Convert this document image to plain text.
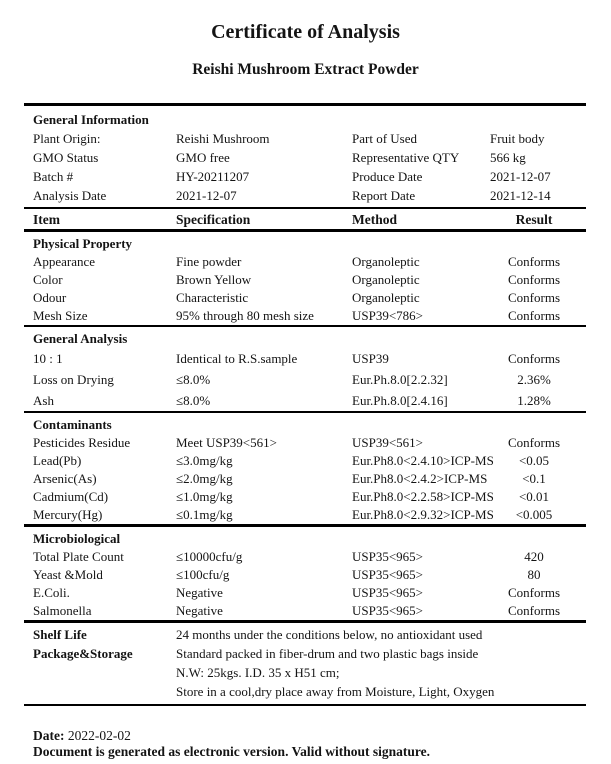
Certificate of Analysis
Reishi Mushroom Extract Powder
General Information
Plant Origin:	Reishi Mushroom	Part of Used	Fruit body
GMO Status	GMO free	Representative QTY	566 kg
Batch #	HY-20211207	Produce Date	2021-12-07
Analysis Date	2021-12-07	Report Date	2021-12-14
Item	Specification	Method	Result
Physical Property
Appearance	Fine powder	Organoleptic	Conforms
Color	Brown Yellow	Organoleptic	Conforms
Odour	Characteristic	Organoleptic	Conforms
Mesh Size	95% through 80 mesh size	USP39<786>	Conforms
General Analysis
10 : 1	Identical to R.S.sample	USP39	Conforms
Loss on Drying	≤8.0%	Eur.Ph.8.0[2.2.32]	2.36%
Ash	≤8.0%	Eur.Ph.8.0[2.4.16]	1.28%
Contaminants
Pesticides Residue	Meet USP39<561>	USP39<561>	Conforms
Lead(Pb)	≤3.0mg/kg	Eur.Ph8.0<2.4.10>ICP-MS	<0.05
Arsenic(As)	≤2.0mg/kg	Eur.Ph8.0<2.4.2>ICP-MS	<0.1
Cadmium(Cd)	≤1.0mg/kg	Eur.Ph8.0<2.2.58>ICP-MS	<0.01
Mercury(Hg)	≤0.1mg/kg	Eur.Ph8.0<2.9.32>ICP-MS	<0.005
Microbiological
Total Plate Count	≤10000cfu/g	USP35<965>	420
Yeast &Mold	≤100cfu/g	USP35<965>	80
E.Coli.	Negative	USP35<965>	Conforms
Salmonella	Negative	USP35<965>	Conforms
Shelf Life	24 months under the conditions below, no antioxidant used
Package&Storage	Standard packed in fiber-drum and two plastic bags inside
N.W: 25kgs. I.D. 35 x H51 cm;
Store in a cool,dry place away from Moisture, Light, Oxygen
Date: 2022-02-02
Document is generated as electronic version. Valid without signature.
